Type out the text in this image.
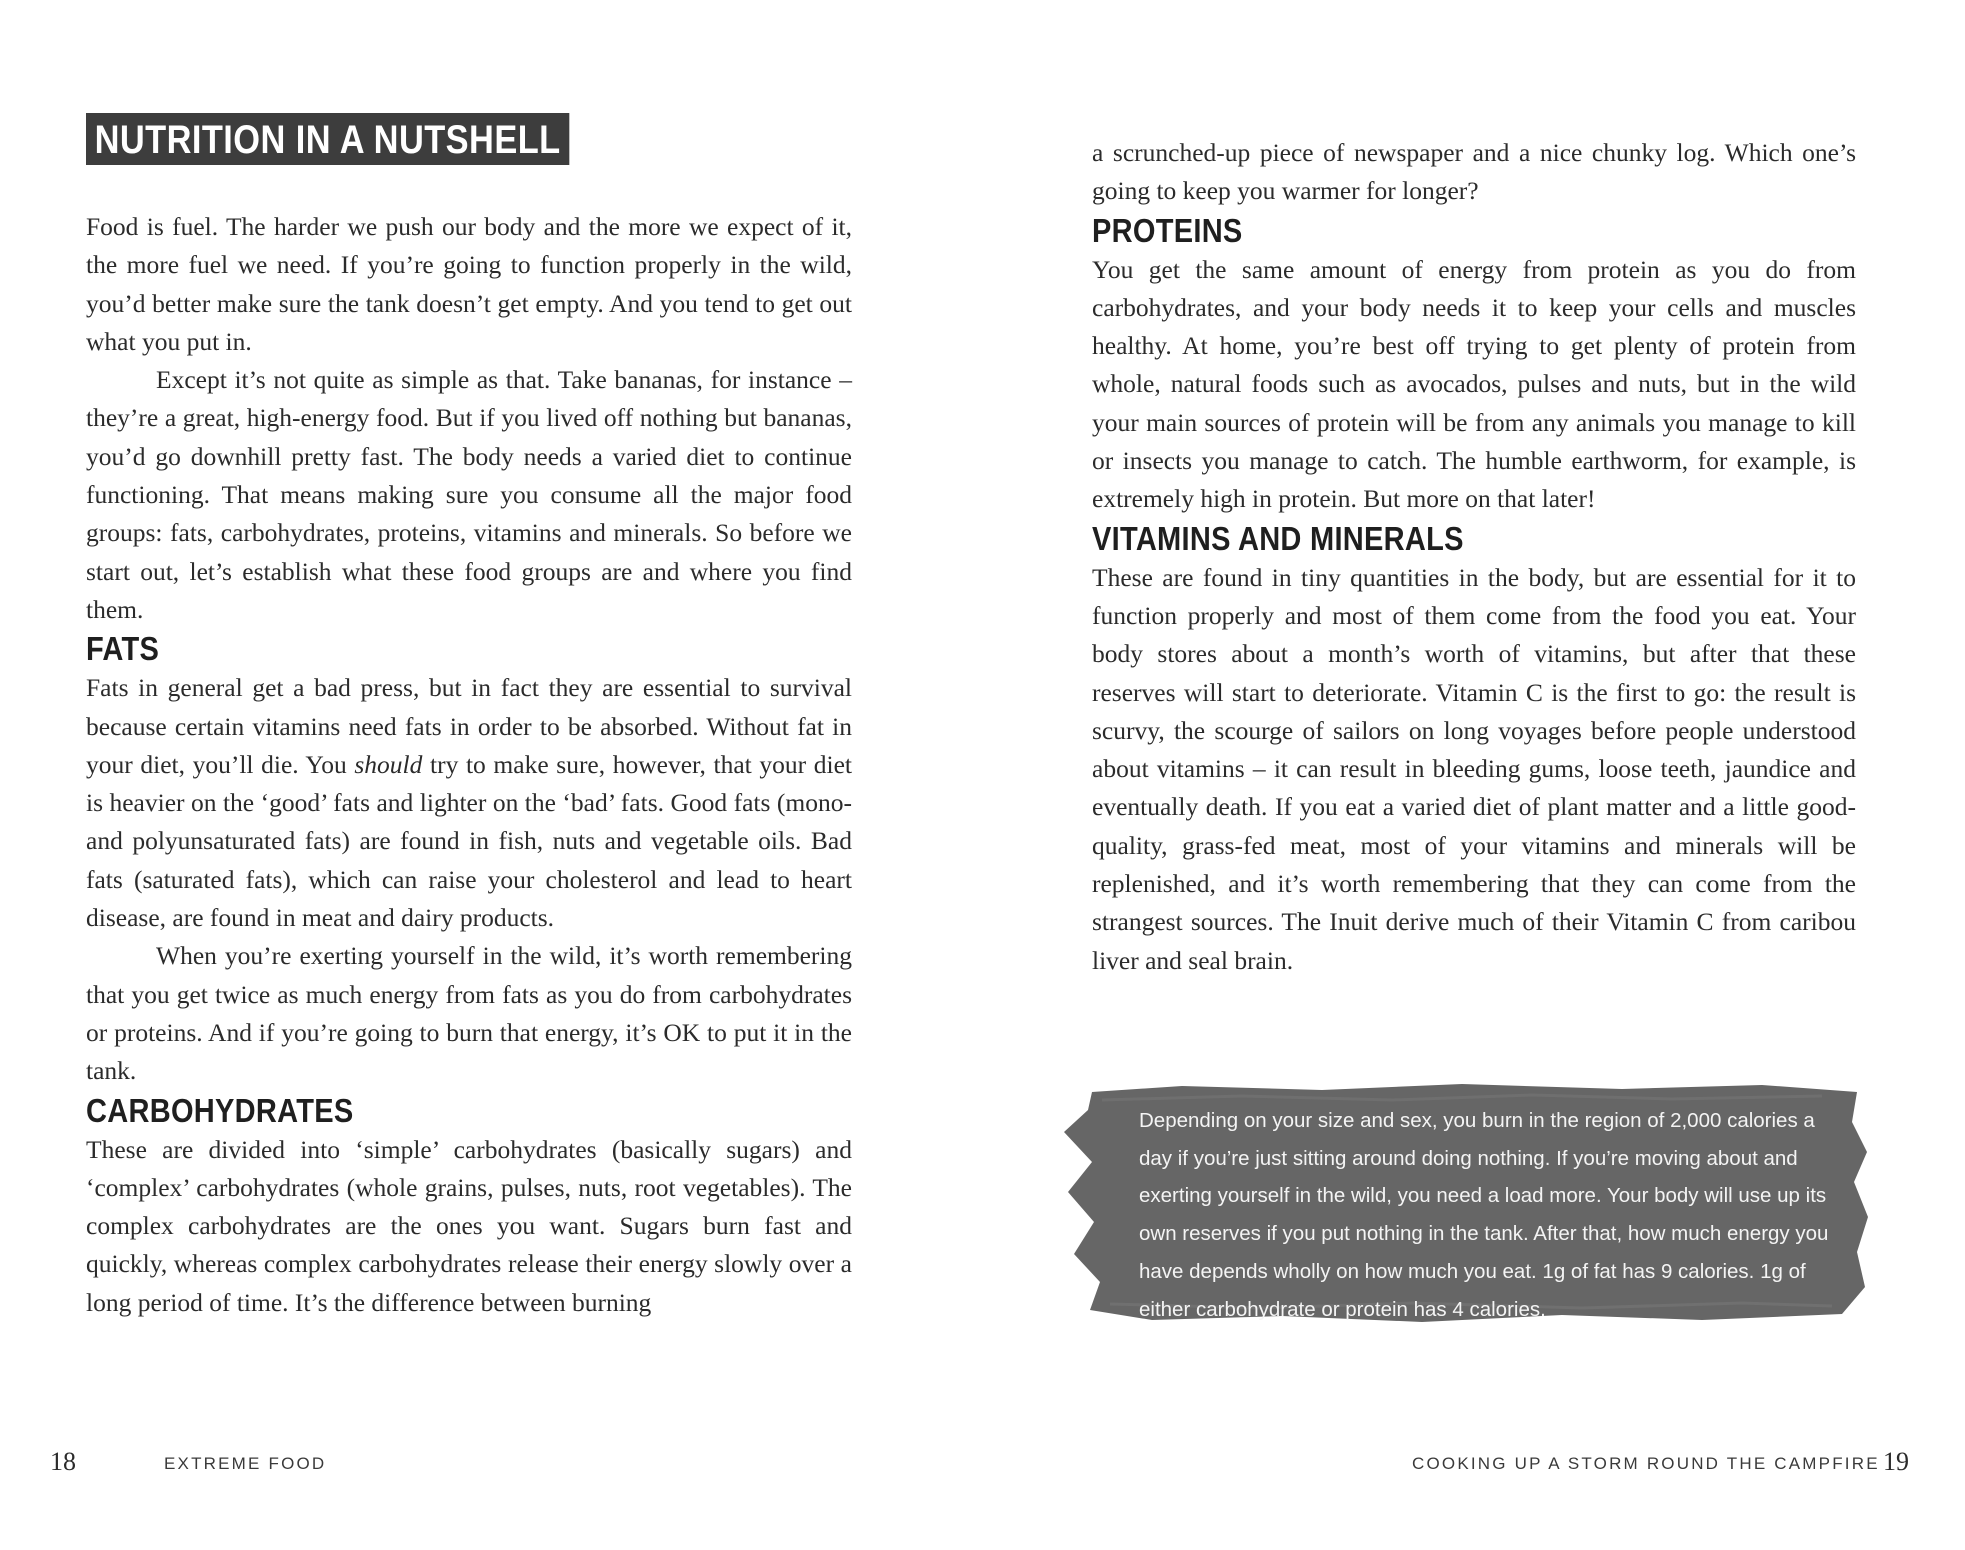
NUTRITION IN A NUTSHELL

Food is fuel. The harder we push our body and the more we expect of it, the more fuel we need. If you’re going to function properly in the wild, you’d better make sure the tank doesn’t get empty. And you tend to get out what you put in.

Except it’s not quite as simple as that. Take bananas, for instance – they’re a great, high-energy food. But if you lived off nothing but bananas, you’d go downhill pretty fast. The body needs a varied diet to continue functioning. That means making sure you consume all the major food groups: fats, carbohydrates, proteins, vitamins and minerals. So before we start out, let’s establish what these food groups are and where you find them.

FATS

Fats in general get a bad press, but in fact they are essential to survival because certain vitamins need fats in order to be absorbed. Without fat in your diet, you’ll die. You should try to make sure, however, that your diet is heavier on the ‘good’ fats and lighter on the ‘bad’ fats. Good fats (mono- and polyunsaturated fats) are found in fish, nuts and vegetable oils. Bad fats (saturated fats), which can raise your cholesterol and lead to heart disease, are found in meat and dairy products.

When you’re exerting yourself in the wild, it’s worth remembering that you get twice as much energy from fats as you do from carbohydrates or proteins. And if you’re going to burn that energy, it’s OK to put it in the tank.

CARBOHYDRATES

These are divided into ‘simple’ carbohydrates (basically sugars) and ‘complex’ carbohydrates (whole grains, pulses, nuts, root vegetables). The complex carbohydrates are the ones you want. Sugars burn fast and quickly, whereas complex carbohydrates release their energy slowly over a long period of time. It’s the difference between burning

18	EXTREME FOOD

a scrunched-up piece of newspaper and a nice chunky log. Which one’s going to keep you warmer for longer?

PROTEINS

You get the same amount of energy from protein as you do from carbohydrates, and your body needs it to keep your cells and muscles healthy. At home, you’re best off trying to get plenty of protein from whole, natural foods such as avocados, pulses and nuts, but in the wild your main sources of protein will be from any animals you manage to kill or insects you manage to catch. The humble earthworm, for example, is extremely high in protein. But more on that later!

VITAMINS AND MINERALS

These are found in tiny quantities in the body, but are essential for it to function properly and most of them come from the food you eat. Your body stores about a month’s worth of vitamins, but after that these reserves will start to deteriorate. Vitamin C is the first to go: the result is scurvy, the scourge of sailors on long voyages before people understood about vitamins – it can result in bleeding gums, loose teeth, jaundice and eventually death. If you eat a varied diet of plant matter and a little good-quality, grass-fed meat, most of your vitamins and minerals will be replenished, and it’s worth remembering that they can come from the strangest sources. The Inuit derive much of their Vitamin C from caribou liver and seal brain.

Depending on your size and sex, you burn in the region of 2,000 calories a day if you’re just sitting around doing nothing. If you’re moving about and exerting yourself in the wild, you need a load more. Your body will use up its own reserves if you put nothing in the tank. After that, how much energy you have depends wholly on how much you eat. 1g of fat has 9 calories. 1g of either carbohydrate or protein has 4 calories.
COOKING UP A STORM ROUND THE CAMPFIRE 19
